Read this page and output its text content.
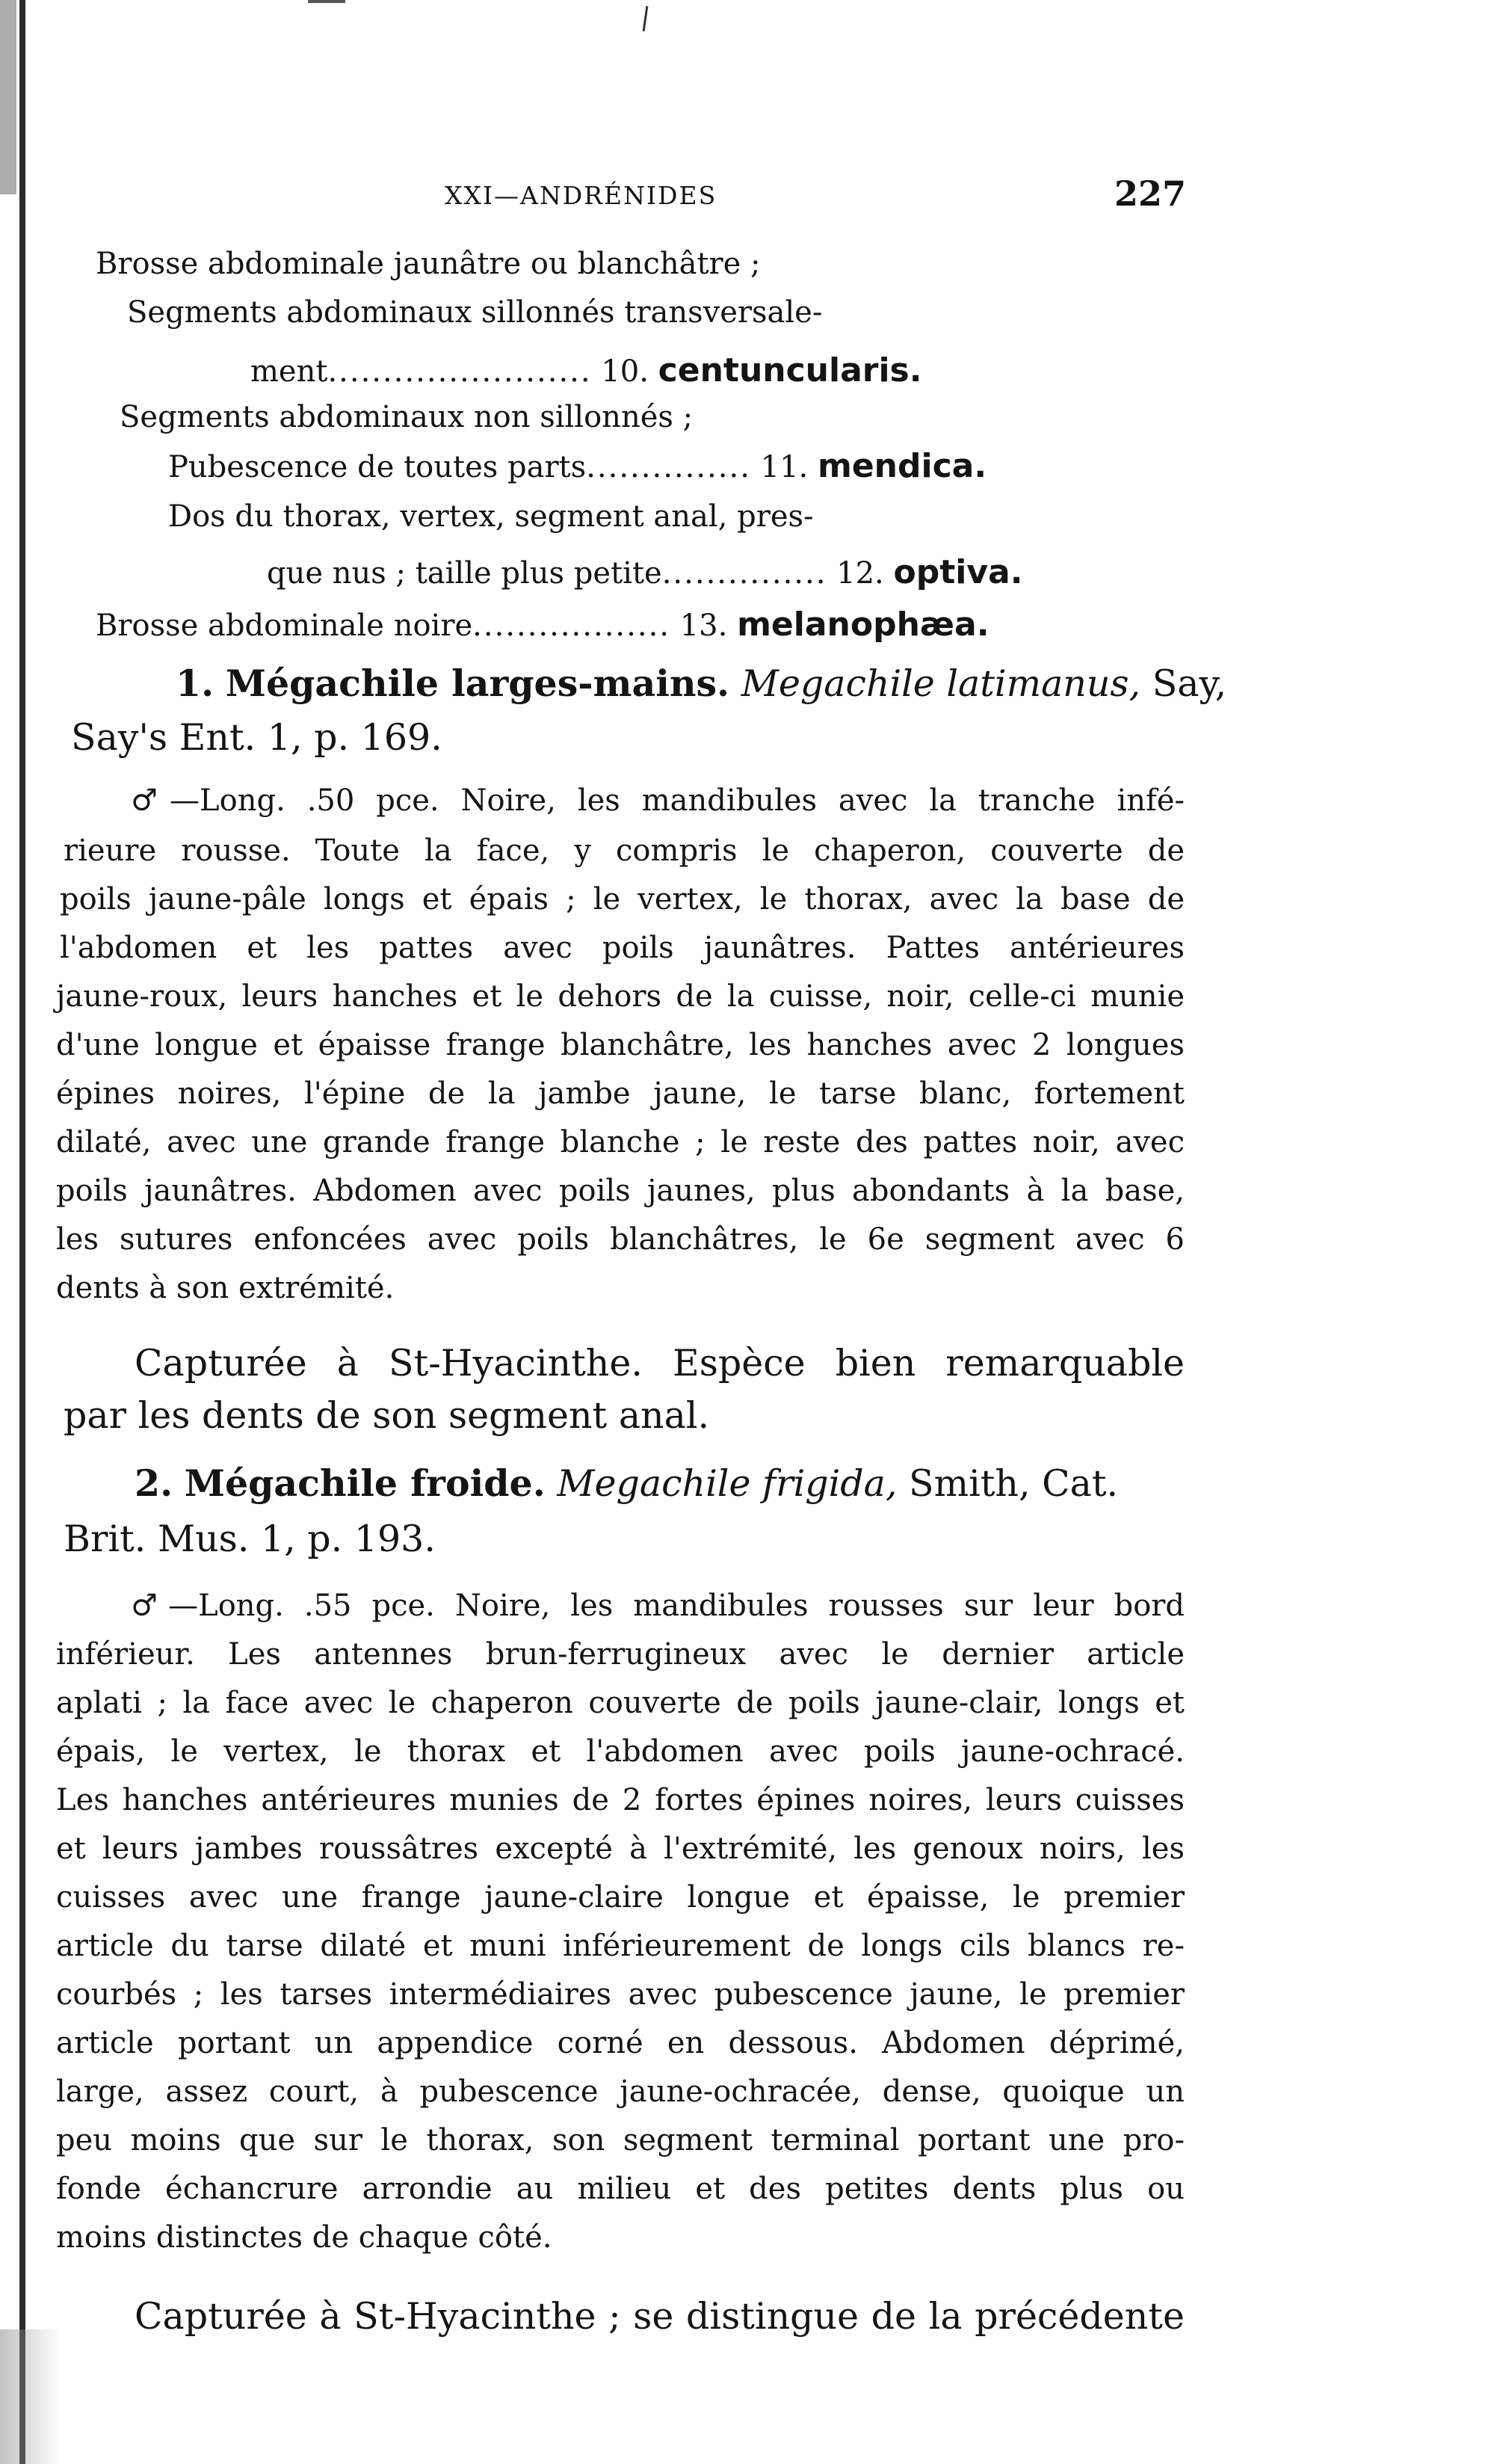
XXI—ANDRÉNIDES	227
Brosse abdominale jaunâtre ou blanchâtre ;
Segments abdominaux sillonnés transversale-
ment........................ 10. centuncularis.
Segments abdominaux non sillonnés ;
Pubescence de toutes parts............... 11. mendica.
Dos du thorax, vertex, segment anal, pres-
que nus ; taille plus petite............... 12. optiva.
Brosse abdominale noire.................. 13. melanophæa.
1. Mégachile larges-mains. Megachile latimanus, Say,
Say's Ent. 1, p. 169.
♂—Long. .50 pce. Noire, les mandibules avec la tranche infé-
rieure rousse. Toute la face, y compris le chaperon, couverte de
poils jaune-pâle longs et épais ; le vertex, le thorax, avec la base de
l'abdomen et les pattes avec poils jaunâtres. Pattes antérieures
jaune-roux, leurs hanches et le dehors de la cuisse, noir, celle-ci munie
d'une longue et épaisse frange blanchâtre, les hanches avec 2 longues
épines noires, l'épine de la jambe jaune, le tarse blanc, fortement
dilaté, avec une grande frange blanche ; le reste des pattes noir, avec
poils jaunâtres. Abdomen avec poils jaunes, plus abondants à la base,
les sutures enfoncées avec poils blanchâtres, le 6e segment avec 6
dents à son extrémité.
Capturée à St-Hyacinthe. Espèce bien remarquable
par les dents de son segment anal.
2. Mégachile froide. Megachile frigida, Smith, Cat.
Brit. Mus. 1, p. 193.
♂—Long. .55 pce. Noire, les mandibules rousses sur leur bord
inférieur. Les antennes brun-ferrugineux avec le dernier article
aplati ; la face avec le chaperon couverte de poils jaune-clair, longs et
épais, le vertex, le thorax et l'abdomen avec poils jaune-ochracé.
Les hanches antérieures munies de 2 fortes épines noires, leurs cuisses
et leurs jambes roussâtres excepté à l'extrémité, les genoux noirs, les
cuisses avec une frange jaune-claire longue et épaisse, le premier
article du tarse dilaté et muni inférieurement de longs cils blancs re-
courbés ; les tarses intermédiaires avec pubescence jaune, le premier
article portant un appendice corné en dessous. Abdomen déprimé,
large, assez court, à pubescence jaune-ochracée, dense, quoique un
peu moins que sur le thorax, son segment terminal portant une pro-
fonde échancrure arrondie au milieu et des petites dents plus ou
moins distinctes de chaque côté.
Capturée à St-Hyacinthe ; se distingue de la précédente
